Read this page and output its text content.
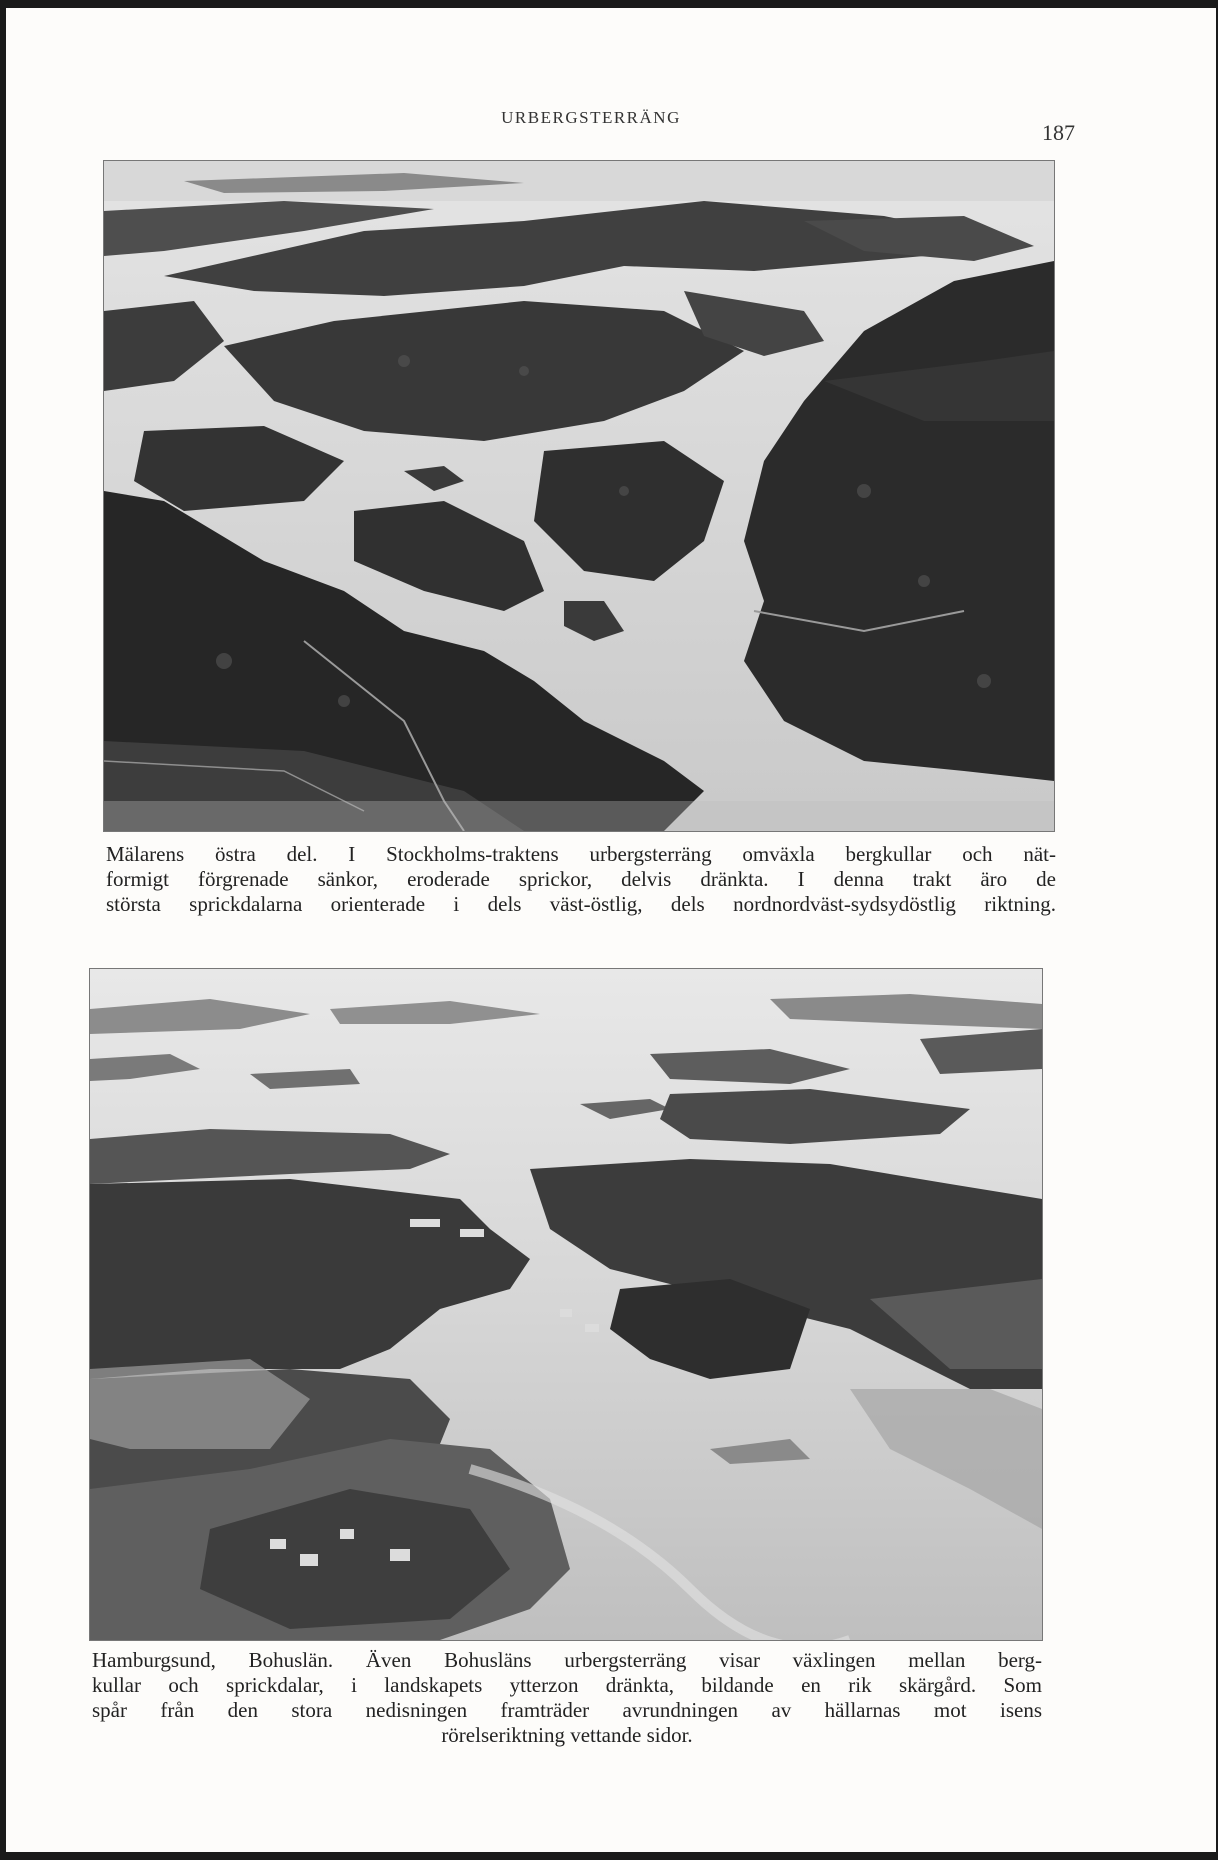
URBERGSTERRÄNG
187
Mälarens östra del. I Stockholms-traktens urbergsterräng omväxla bergkullar och nät-
formigt förgrenade sänkor, eroderade sprickor, delvis dränkta. I denna trakt äro de
största sprickdalarna orienterade i dels väst-östlig, dels nordnordväst-sydsydöstlig riktning.
Hamburgsund, Bohuslän. Även Bohusläns urbergsterräng visar växlingen mellan berg-
kullar och sprickdalar, i landskapets ytterzon dränkta, bildande en rik skärgård. Som
spår från den stora nedisningen framträder avrundningen av hällarnas mot isens
rörelseriktning vettande sidor.
